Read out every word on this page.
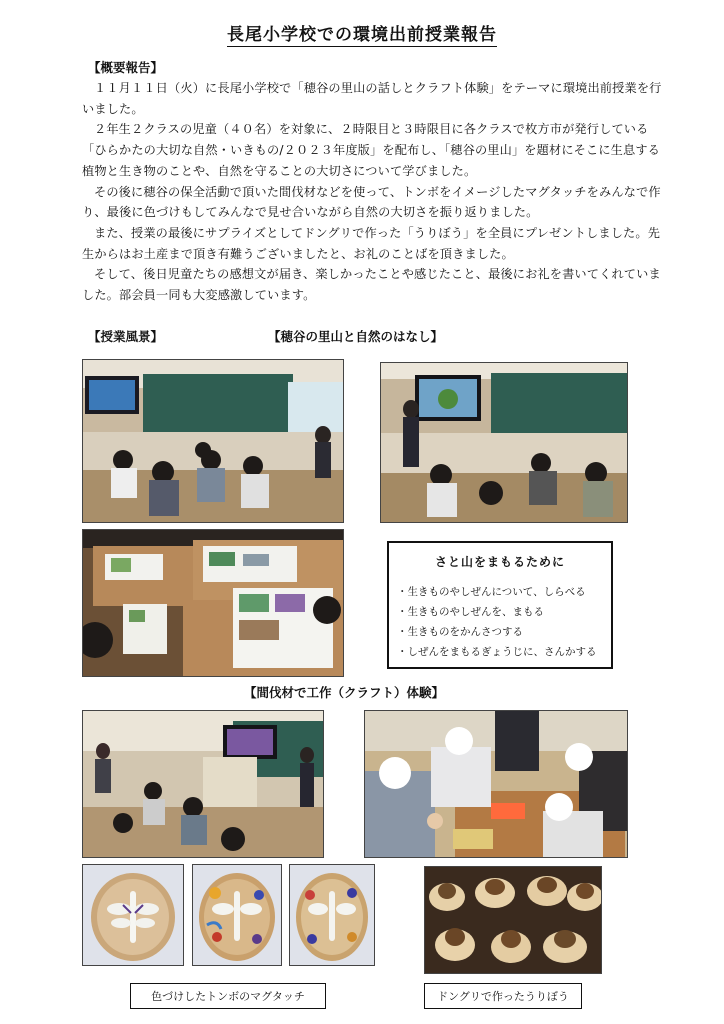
長尾小学校での環境出前授業報告
【概要報告】

１１月１１日（火）に長尾小学校で「穂谷の里山の話しとクラフト体験」をテーマに環境出前授業を行いました。

２年生２クラスの児童（４０名）を対象に、２時限目と３時限目に各クラスで枚方市が発行している「ひらかたの大切な自然・いきもの/２０２３年度版」を配布し、「穂谷の里山」を題材にそこに生息する植物と生き物のことや、自然を守ることの大切さについて学びました。

その後に穂谷の保全活動で頂いた間伐材などを使って、トンボをイメージしたマグタッチをみんなで作り、最後に色づけもしてみんなで見せ合いながら自然の大切さを振り返りました。

また、授業の最後にサプライズとしてドングリで作った「うりぼう」を全員にプレゼントしました。先生からはお土産まで頂き有難うございましたと、お礼のことばを頂きました。

そして、後日児童たちの感想文が届き、楽しかったことや感じたこと、最後にお礼を書いてくれていました。部会員一同も大変感激しています。

【授業風景】	【穂谷の里山と自然のはなし】
さと山をまもるために
・生きものやしぜんについて、しらべる
・生きものやしぜんを、まもる
・生きものをかんさつする
・しぜんをまもるぎょうじに、さんかする
【間伐材で工作（クラフト）体験】
色づけしたトンボのマグタッチ	ドングリで作ったうりぼう
